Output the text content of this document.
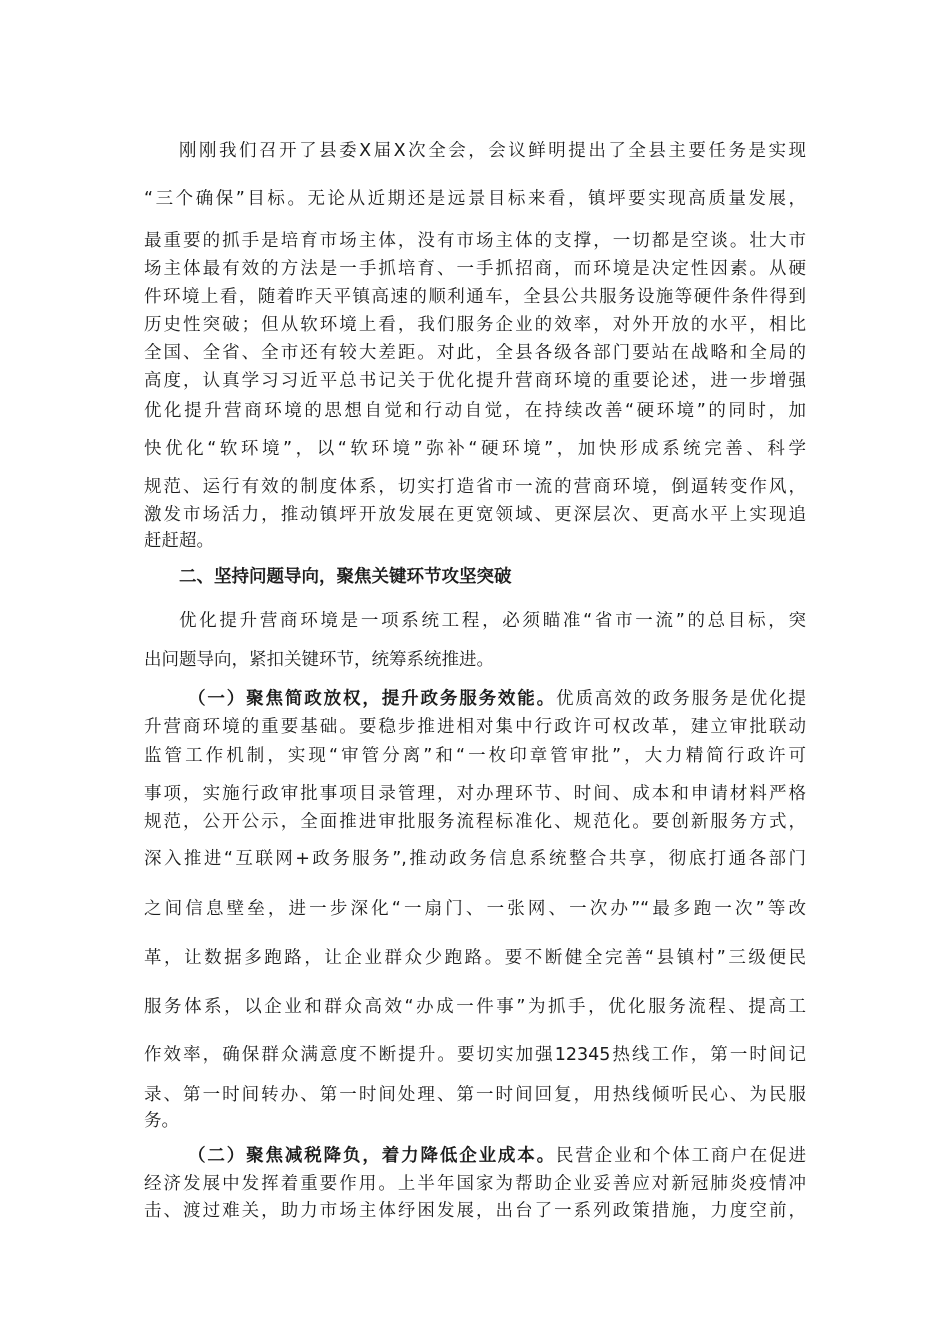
刚刚我们召开了县委X届X次全会，会议鲜明提出了全县主要任务是实现
“三个确保”目标。无论从近期还是远景目标来看，镇坪要实现高质量发展，
最重要的抓手是培育市场主体，没有市场主体的支撑，一切都是空谈。壮大市
场主体最有效的方法是一手抓培育、一手抓招商，而环境是决定性因素。从硬
件环境上看，随着昨天平镇高速的顺利通车，全县公共服务设施等硬件条件得到
历史性突破；但从软环境上看，我们服务企业的效率，对外开放的水平，相比
全国、全省、全市还有较大差距。对此，全县各级各部门要站在战略和全局的
高度，认真学习习近平总书记关于优化提升营商环境的重要论述，进一步增强
优化提升营商环境的思想自觉和行动自觉，在持续改善“硬环境”的同时，加
快优化“软环境”，以“软环境”弥补“硬环境”，加快形成系统完善、科学
规范、运行有效的制度体系，切实打造省市一流的营商环境，倒逼转变作风，
激发市场活力，推动镇坪开放发展在更宽领域、更深层次、更高水平上实现追
赶赶超。
二、坚持问题导向，聚焦关键环节攻坚突破
优化提升营商环境是一项系统工程，必须瞄准“省市一流”的总目标，突
出问题导向，紧扣关键环节，统筹系统推进。
（一）聚焦简政放权，提升政务服务效能。优质高效的政务服务是优化提
升营商环境的重要基础。要稳步推进相对集中行政许可权改革，建立审批联动
监管工作机制，实现“审管分离”和“一枚印章管审批”，大力精简行政许可
事项，实施行政审批事项目录管理，对办理环节、时间、成本和申请材料严格
规范，公开公示，全面推进审批服务流程标准化、规范化。要创新服务方式，
深入推进“互联网+政务服务”,推动政务信息系统整合共享，彻底打通各部门
之间信息壁垒，进一步深化“一扇门、一张网、一次办”“最多跑一次”等改
革，让数据多跑路，让企业群众少跑路。要不断健全完善“县镇村”三级便民
服务体系，以企业和群众高效“办成一件事”为抓手，优化服务流程、提高工
作效率，确保群众满意度不断提升。要切实加强12345热线工作，第一时间记
录、第一时间转办、第一时间处理、第一时间回复，用热线倾听民心、为民服
务。
（二）聚焦减税降负，着力降低企业成本。民营企业和个体工商户在促进
经济发展中发挥着重要作用。上半年国家为帮助企业妥善应对新冠肺炎疫情冲
击、渡过难关，助力市场主体纾困发展，出台了一系列政策措施，力度空前，
